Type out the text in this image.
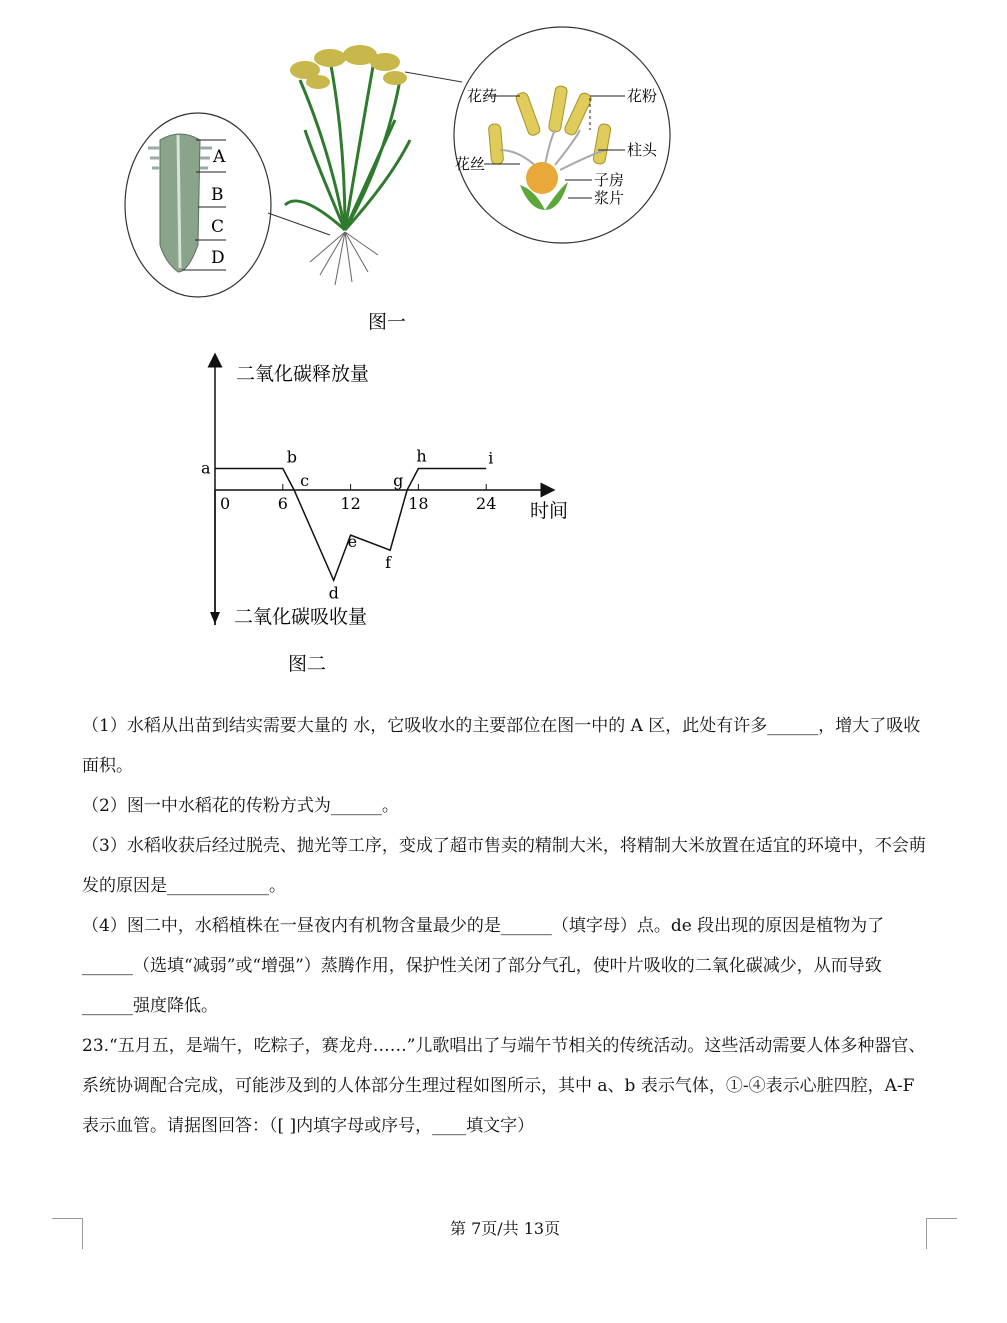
A
B
C
D
花药	花粉
柱头
花丝
子房
浆片
图一
二氧化碳释放量
二氧化碳吸收量
时间
0	6	12	18	24
a
b
c
d
e
f
g
h	i
图二

（1）水稻从出苗到结实需要大量的 水，它吸收水的主要部位在图一中的 A 区，此处有许多______，增大了吸收面积。

（2）图一中水稻花的传粉方式为______。

（3）水稻收获后经过脱壳、抛光等工序，变成了超市售卖的精制大米，将精制大米放置在适宜的环境中，不会萌发的原因是____________。

（4）图二中，水稻植株在一昼夜内有机物含量最少的是______（填字母）点。de 段出现的原因是植物为了______（选填“减弱”或“增强”）蒸腾作用，保护性关闭了部分气孔，使叶片吸收的二氧化碳减少，从而导致______强度降低。

23.“五月五，是端午，吃粽子，赛龙舟……”儿歌唱出了与端午节相关的传统活动。这些活动需要人体多种器官、系统协调配合完成，可能涉及到的人体部分生理过程如图所示，其中 a、b 表示气体，①-④表示心脏四腔，A-F 表示血管。请据图回答：（[ ]内填字母或序号，____填文字）

第 7页/共 13页
